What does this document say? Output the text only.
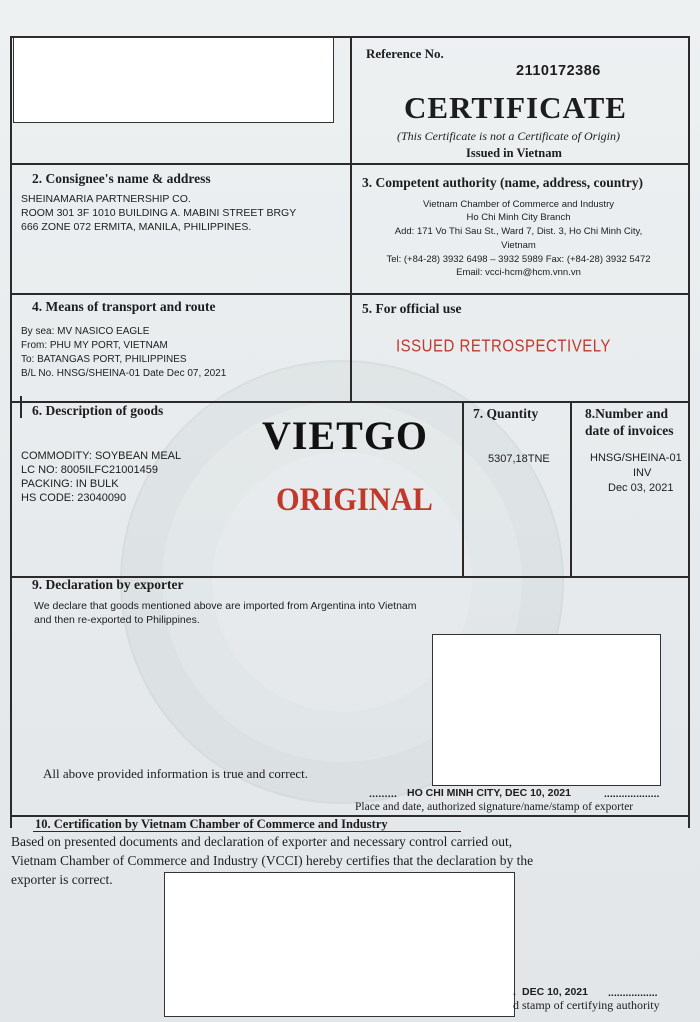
Reference No.
2110172386
CERTIFICATE
(This Certificate is not a Certificate of Origin)
Issued in Vietnam
2. Consignee's name & address
SHEINAMARIA PARTNERSHIP CO.
ROOM 301 3F 1010 BUILDING A. MABINI STREET BRGY
666 ZONE 072 ERMITA, MANILA, PHILIPPINES.
3. Competent authority (name, address, country)
Vietnam Chamber of Commerce and Industry
Ho Chi Minh City Branch
Add: 171 Vo Thi Sau St., Ward 7, Dist. 3, Ho Chi Minh City,
Vietnam
Tel: (+84-28) 3932 6498 – 3932 5989 Fax: (+84-28) 3932 5472
Email: vcci-hcm@hcm.vnn.vn
4. Means of transport and route
By sea: MV NASICO EAGLE
From: PHU MY PORT, VIETNAM
To: BATANGAS PORT, PHILIPPINES
B/L No. HNSG/SHEINA-01 Date Dec 07, 2021
5. For official use
ISSUED RETROSPECTIVELY
6. Description of goods
VIETGO
COMMODITY: SOYBEAN MEAL
LC NO: 8005ILFC21001459
PACKING: IN BULK
HS CODE: 23040090	ORIGINAL
7. Quantity
5307,18TNE
8.Number and
date of invoices
HNSG/SHEINA-01
INV
Dec 03, 2021
9. Declaration by exporter
We declare that goods mentioned above are imported from Argentina into Vietnam
and then re-exported to Philippines.
All above provided information is true and correct.
......... HO CHI MINH CITY, DEC 10, 2021	...................
Place and date, authorized signature/name/stamp of exporter
10. Certification by Vietnam Chamber of Commerce and Industry
Based on presented documents and declaration of exporter and necessary control carried out,
Vietnam Chamber of Commerce and Industry (VCCI) hereby certifies that the declaration by the
exporter is correct.
. DEC 10, 2021 .................
d stamp of certifying authority
